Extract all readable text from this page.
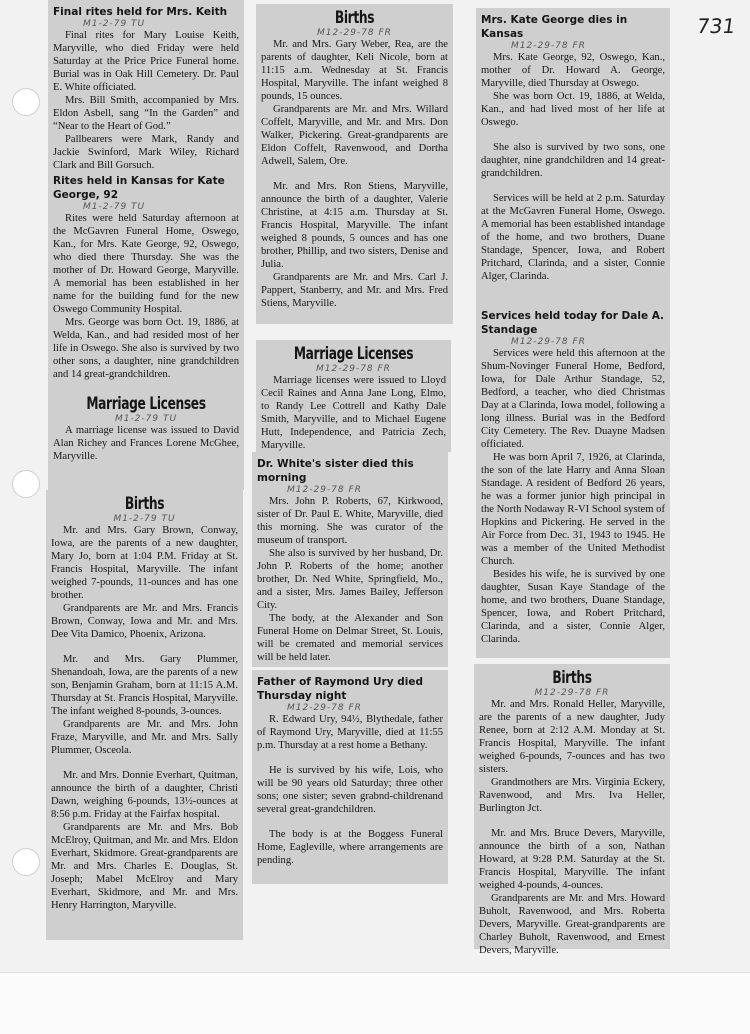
731
Final rites held for Mrs. Keith
M1-2-79 TU

Final rites for Mary Louise Keith, Maryville, who died Friday were held Saturday at the Price Price Funeral home. Burial was in Oak Hill Cemetery. Dr. Paul E. White officiated.

Mrs. Bill Smith, accompanied by Mrs. Eldon Asbell, sang “In the Garden” and “Near to the Heart of God.”

Pallbearers were Mark, Randy and Jackie Swinford, Mark Wiley, Richard Clark and Bill Gorsuch.

Rites held in Kansas for Kate George, 92
M1-2-79 TU

Rites were held Saturday afternoon at the McGavren Funeral Home, Oswego, Kan., for Mrs. Kate George, 92, Oswego, who died there Thursday. She was the mother of Dr. Howard George, Maryville. A memorial has been established in her name for the building fund for the new Oswego Community Hospital.

Mrs. George was born Oct. 19, 1886, at Welda, Kan., and had resided most of her life in Oswego. She also is survived by two other sons, a daughter, nine grandchildren and 14 great-grandchildren.

Marriage Licenses
M1-2-79 TU

A marriage license was issued to David Alan Richey and Frances Lorene McGhee, Maryville.

Births
M1-2-79 TU

Mr. and Mrs. Gary Brown, Conway, Iowa, are the parents of a new daughter, Mary Jo, born at 1:04 P.M. Friday at St. Francis Hospital, Maryville. The infant weighed 7-pounds, 11-ounces and has one brother.

Grandparents are Mr. and Mrs. Francis Brown, Conway, Iowa and Mr. and Mrs. Dee Vita Damico, Phoenix, Arizona.

Mr. and Mrs. Gary Plummer, Shenandoah, Iowa, are the parents of a new son, Benjamin Graham, born at 11:15 A.M. Thursday at St. Francis Hospital, Maryville. The infant weighed 8-pounds, 3-ounces.

Grandparents are Mr. and Mrs. John Fraze, Maryville, and Mr. and Mrs. Sally Plummer, Osceola.

Mr. and Mrs. Donnie Everhart, Quitman, announce the birth of a daughter, Christi Dawn, weighing 6-pounds, 13½-ounces at 8:56 p.m. Friday at the Fairfax hospital.

Grandparents are Mr. and Mrs. Bob McElroy, Quitman, and Mr. and Mrs. Eldon Everhart, Skidmore. Great-grandparents are Mr. and Mrs. Charles E. Douglas, St. Joseph; Mabel McElroy and Mary Everhart, Skidmore, and Mr. and Mrs. Henry Harrington, Maryville.

Births
M12-29-78 FR

Mr. and Mrs. Gary Weber, Rea, are the parents of daughter, Keli Nicole, born at 11:15 a.m. Wednesday at St. Francis Hospital, Maryville. The infant weighed 8 pounds, 15 ounces.

Grandparents are Mr. and Mrs. Willard Coffelt, Maryville, and Mr. and Mrs. Don Walker, Pickering. Great-grandparents are Eldon Coffelt, Ravenwood, and Dortha Adwell, Salem, Ore.

Mr. and Mrs. Ron Stiens, Maryville, announce the birth of a daughter, Valerie Christine, at 4:15 a.m. Thursday at St. Francis Hospital, Maryville. The infant weighed 8 pounds, 5 ounces and has one brother, Phillip, and two sisters, Denise and Julia.

Grandparents are Mr. and Mrs. Carl J. Pappert, Stanberry, and Mr. and Mrs. Fred Stiens, Maryville.

Marriage Licenses
M12-29-78 FR

Marriage licenses were issued to Lloyd Cecil Raines and Anna Jane Long, Elmo, to Randy Lee Cottrell and Kathy Dale Smith, Maryville, and to Michael Eugene Hutt, Independence, and Patricia Zech, Maryville.

Dr. White's sister died this morning
M12-29-78 FR

Mrs. John P. Roberts, 67, Kirkwood, sister of Dr. Paul E. White, Maryville, died this morning. She was curator of the museum of transport.

She also is survived by her husband, Dr. John P. Roberts of the home; another brother, Dr. Ned White, Springfield, Mo., and a sister, Mrs. James Bailey, Jefferson City.

The body, at the Alexander and Son Funeral Home on Delmar Street, St. Louis, will be cremated and memorial services will be held later.

Father of Raymond Ury died Thursday night
M12-29-78 FR

R. Edward Ury, 94½, Blythedale, father of Raymond Ury, Maryville, died at 11:55 p.m. Thursday at a rest home a Bethany.

He is survived by his wife, Lois, who will be 90 years old Saturday; three other sons; one sister; seven grabnd-childrenand several great-grandchildren.

The body is at the Boggess Funeral Home, Eagleville, where arrangements are pending.

Mrs. Kate George dies in Kansas
M12-29-78 FR

Mrs. Kate George, 92, Oswego, Kan., mother of Dr. Howard A. George, Maryville, died Thursday at Oswego.

She was born Oct. 19, 1886, at Welda, Kan., and had lived most of her life at Oswego.

She also is survived by two sons, one daughter, nine grandchildren and 14 great-grandchildren.

Services will be held at 2 p.m. Saturday at the McGavren Funeral Home, Oswego. A memorial has been established intandage of the home, and two brothers, Duane Standage, Spencer, Iowa, and Robert Pritchard, Clarinda, and a sister, Connie Alger, Clarinda.

Services held today for Dale A. Standage
M12-29-78 FR

Services were held this afternoon at the Shum-Novinger Funeral Home, Bedford, Iowa, for Dale Arthur Standage, 52, Bedford, a teacher, who died Christmas Day at a Clarinda, Iowa model, following a long illness. Burial was in the Bedford City Cemetery. The Rev. Duayne Madsen officiated.

He was born April 7, 1926, at Clarinda, the son of the late Harry and Anna Sloan Standage. A resident of Bedford 26 years, he was a former junior high principal in the North Nodaway R-VI School system of Hopkins and Pickering. He served in the Air Force from Dec. 31, 1943 to 1945. He was a member of the United Methodist Church.

Besides his wife, he is survived by one daughter, Susan Kaye Standage of the home, and two brothers, Duane Standage, Spencer, Iowa, and Robert Pritchard, Clarinda, and a sister, Connie Alger, Clarinda.

Births
M12-29-78 FR

Mr. and Mrs. Ronald Heller, Maryville, are the parents of a new daughter, Judy Renee, born at 2:12 A.M. Monday at St. Francis Hospital, Maryville. The infant weighed 6-pounds, 7-ounces and has two sisters.

Grandmothers are Mrs. Virginia Eckery, Ravenwood, and Mrs. Iva Heller, Burlington Jct.

Mr. and Mrs. Bruce Devers, Maryville, announce the birth of a son, Nathan Howard, at 9:28 P.M. Saturday at the St. Francis Hospital, Maryville. The infant weighed 4-pounds, 4-ounces.

Grandparents are Mr. and Mrs. Howard Buholt, Ravenwood, and Mrs. Roberta Devers, Maryville. Great-grandparents are Charley Buholt, Ravenwood, and Ernest Devers, Maryville.
